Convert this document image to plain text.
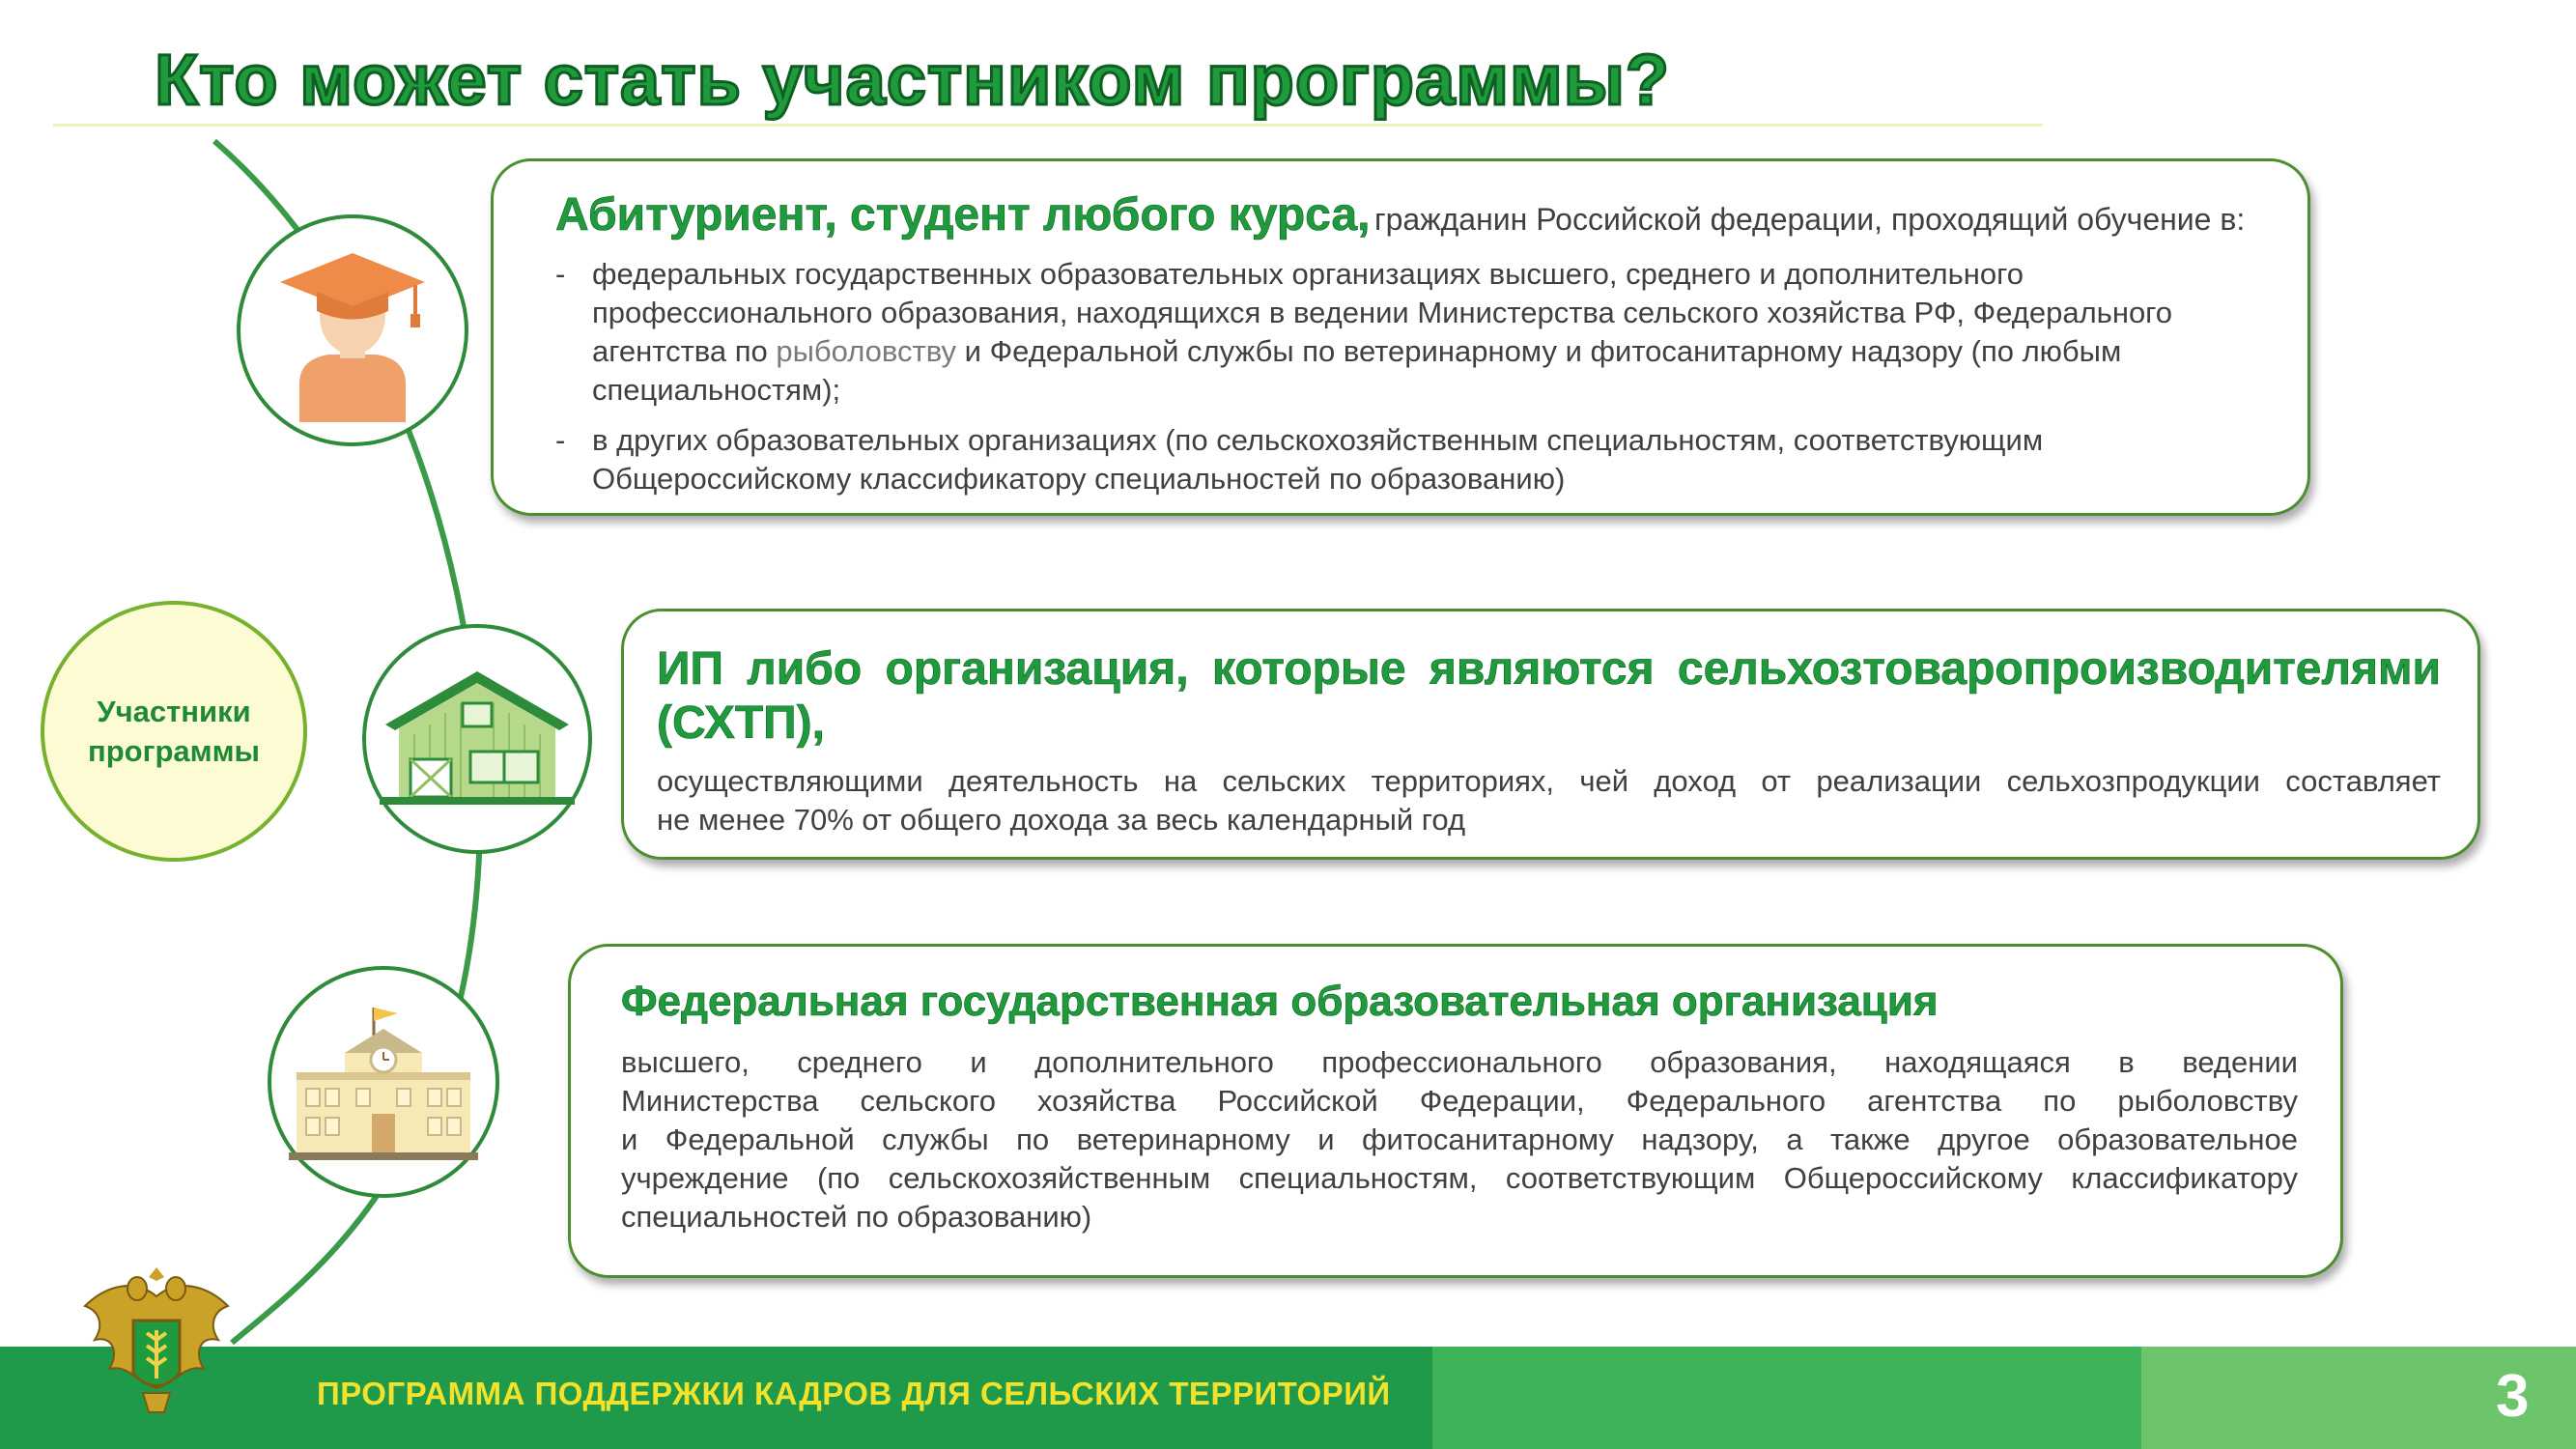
Кто может стать участником программы?
Участники
программы
Абитуриент, студент любого курса, гражданин Российской федерации, проходящий обучение в:
- федеральных государственных образовательных организациях высшего, среднего и дополнительного профессионального образования, находящихся в ведении Министерства сельского хозяйства РФ, Федерального агентства по рыболовству и Федеральной службы по ветеринарному и фитосанитарному надзору (по любым специальностям);
- в других образовательных организациях (по сельскохозяйственным специальностям, соответствующим Общероссийскому классификатору специальностей по образованию)
ИП либо организация, которые являются сельхозтоваропроизводителями
(СХТП),
осуществляющими деятельность на сельских территориях, чей доход от реализации сельхозпродукции составляет
не менее 70% от общего дохода за весь календарный год
Федеральная государственная образовательная организация
высшего, среднего и дополнительного профессионального образования, находящаяся в ведении
Министерства сельского хозяйства Российской Федерации, Федерального агентства по рыболовству
и Федеральной службы по ветеринарному и фитосанитарному надзору, а также другое образовательное
учреждение (по сельскохозяйственным специальностям, соответствующим Общероссийскому классификатору
специальностей по образованию)
ПРОГРАММА ПОДДЕРЖКИ КАДРОВ ДЛЯ СЕЛЬСКИХ ТЕРРИТОРИЙ	3
